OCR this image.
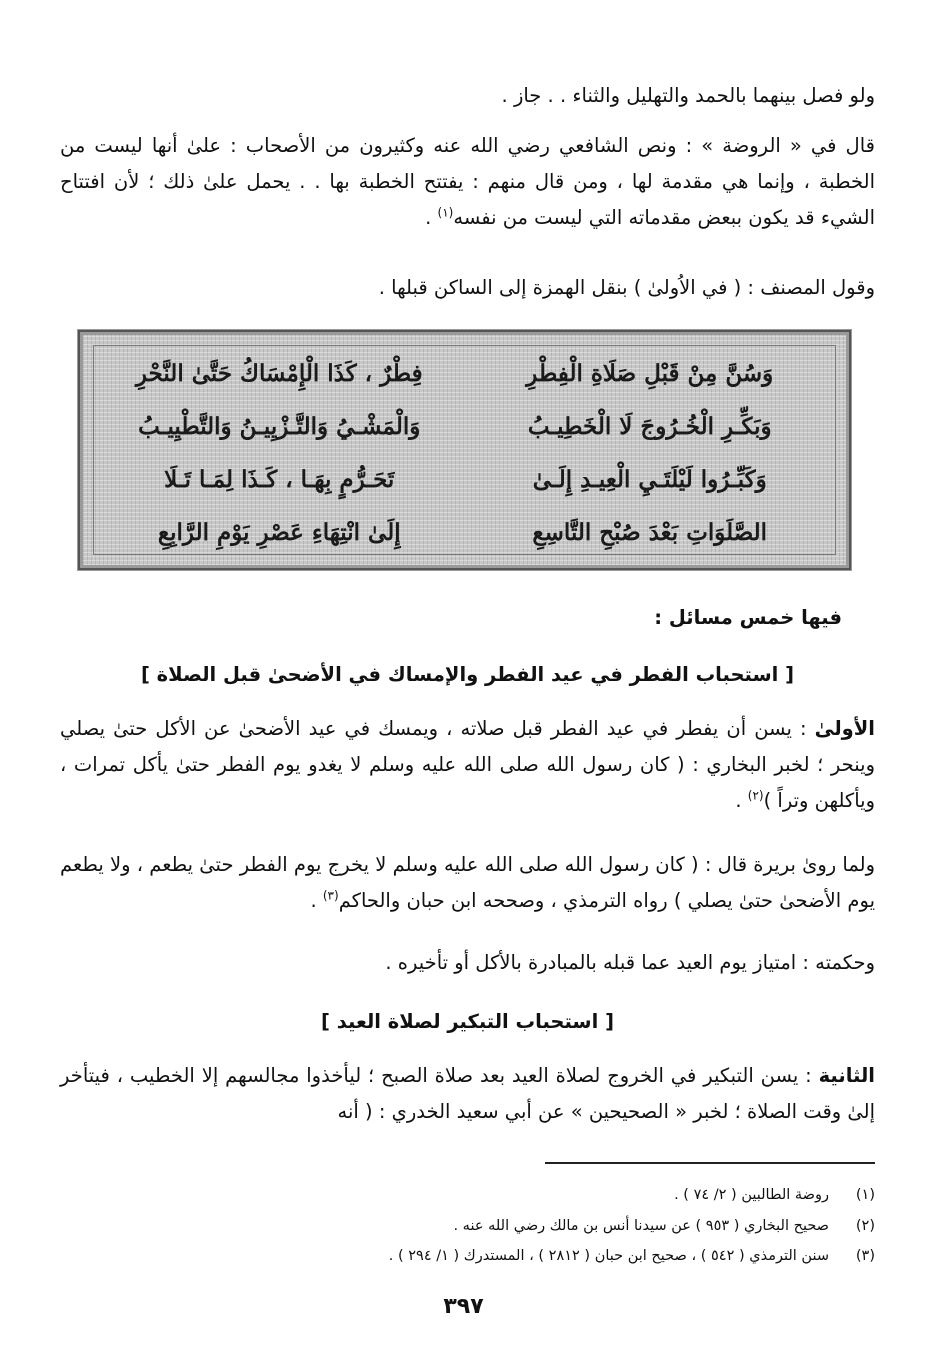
ولو فصل بينهما بالحمد والتهليل والثناء . . جاز .

قال في « الروضة » : ونص الشافعي رضي الله عنه وكثيرون من الأصحاب : علىٰ أنها ليست من الخطبة ، وإنما هي مقدمة لها ، ومن قال منهم : يفتتح الخطبة بها . . يحمل علىٰ ذلك ؛ لأن افتتاح الشيء قد يكون ببعض مقدماته التي ليست من نفسه$^{(١)}$ .

وقول المصنف : ( في الاُولىٰ ) بنقل الهمزة إلى الساكن قبلها .

وَسُنَّ مِنْ قَبْلِ صَلَاةِ الْفِطْرِ
فِطْرٌ ، كَذَا الْإِمْسَاكُ حَتَّىٰ النَّحْرِ
وَبَكِّـرِ الْخُـرُوجَ لَا الْخَطِيـبُ
وَالْمَشْـيُ وَالتَّـزْيِيـنُ وَالتَّطْيِيـبُ
وَكَبِّـرُوا لَيْلَتَـيِ الْعِيـدِ إِلَـىٰ
تَحَـرُّمٍ بِهَـا ، كَـذَا لِمَـا تَـلَا
الصَّلَوَاتِ بَعْدَ صُبْحِ التَّاسِعِ
إِلَىٰ انْتِهَاءِ عَصْرِ يَوْمِ الرَّابِعِ

فيها خمس مسائل :

[ استحباب الفطر في عيد الفطر والإمساك في الأضحىٰ قبل الصلاة ]

الأولىٰ : يسن أن يفطر في عيد الفطر قبل صلاته ، ويمسك في عيد الأضحىٰ عن الأكل حتىٰ يصلي وينحر ؛ لخبر البخاري : ( كان رسول الله صلى الله عليه وسلم لا يغدو يوم الفطر حتىٰ يأكل تمرات ، ويأكلهن وتراً )$^{(٢)}$ .

ولما روىٰ بريرة قال : ( كان رسول الله صلى الله عليه وسلم لا يخرج يوم الفطر حتىٰ يطعم ، ولا يطعم يوم الأضحىٰ حتىٰ يصلي ) رواه الترمذي ، وصححه ابن حبان والحاكم$^{(٣)}$ .

وحكمته : امتياز يوم العيد عما قبله بالمبادرة بالأكل أو تأخيره .

[ استحباب التبكير لصلاة العيد ]

الثانية : يسن التبكير في الخروج لصلاة العيد بعد صلاة الصبح ؛ ليأخذوا مجالسهم إلا الخطيب ، فيتأخر إلىٰ وقت الصلاة ؛ لخبر « الصحيحين » عن أبي سعيد الخدري : ( أنه

(١)روضة الطالبين ( ٢/ ٧٤ ) .

(٢)صحيح البخاري ( ٩٥٣ ) عن سيدنا أنس بن مالك رضي الله عنه .

(٣)سنن الترمذي ( ٥٤٢ ) ، صحيح ابن حبان ( ٢٨١٢ ) ، المستدرك ( ١/ ٢٩٤ ) .

٣٩٧
